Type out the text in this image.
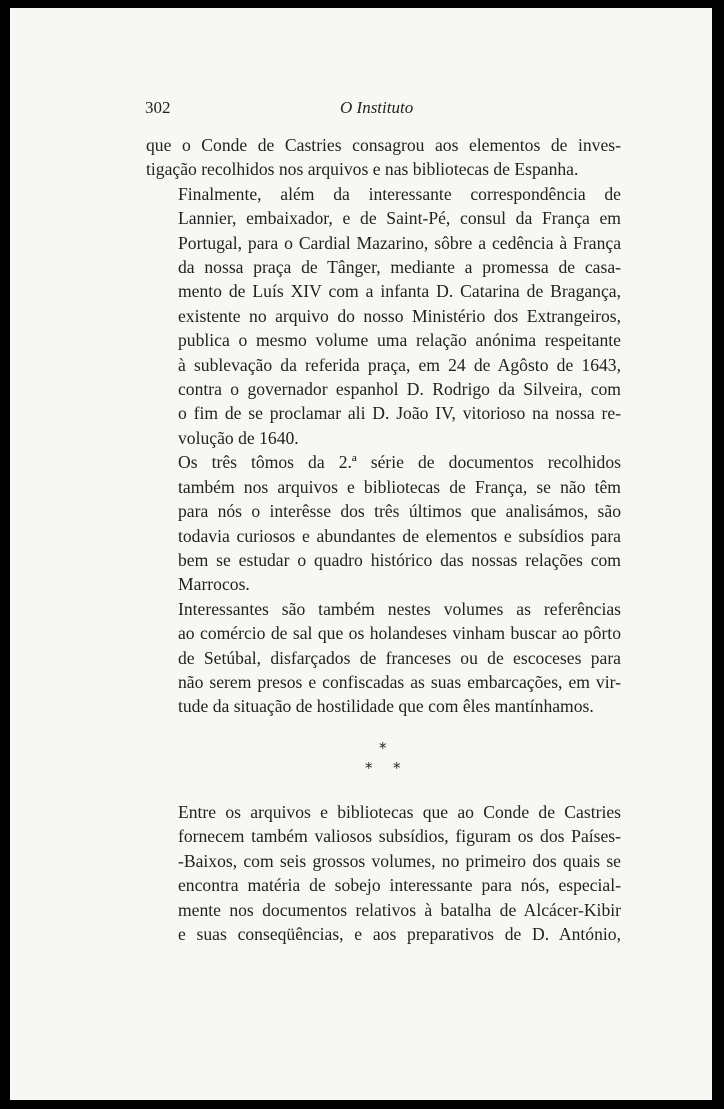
302	O Instituto

que o Conde de Castries consagrou aos elementos de inves-
tigação recolhidos nos arquivos e nas bibliotecas de Espanha.

Finalmente, além da interessante correspondência de
Lannier, embaixador, e de Saint-Pé, consul da França em
Portugal, para o Cardial Mazarino, sôbre a cedência à França
da nossa praça de Tânger, mediante a promessa de casa-
mento de Luís XIV com a infanta D. Catarina de Bragança,
existente no arquivo do nosso Ministério dos Extrangeiros,
publica o mesmo volume uma relação anónima respeitante
à sublevação da referida praça, em 24 de Agôsto de 1643,
contra o governador espanhol D. Rodrigo da Silveira, com
o fim de se proclamar ali D. João IV, vitorioso na nossa re-
volução de 1640.

Os três tômos da 2.ª série de documentos recolhidos
também nos arquivos e bibliotecas de França, se não têm
para nós o interêsse dos três últimos que analisámos, são
todavia curiosos e abundantes de elementos e subsídios para
bem se estudar o quadro histórico das nossas relações com
Marrocos.

Interessantes são também nestes volumes as referências
ao comércio de sal que os holandeses vinham buscar ao pôrto
de Setúbal, disfarçados de franceses ou de escoceses para
não serem presos e confiscadas as suas embarcações, em vir-
tude da situação de hostilidade que com êles mantínhamos.

*
* *

Entre os arquivos e bibliotecas que ao Conde de Castries
fornecem também valiosos subsídios, figuram os dos Países-
-Baixos, com seis grossos volumes, no primeiro dos quais se
encontra matéria de sobejo interessante para nós, especial-
mente nos documentos relativos à batalha de Alcácer-Kibir
e suas conseqüências, e aos preparativos de D. António,
